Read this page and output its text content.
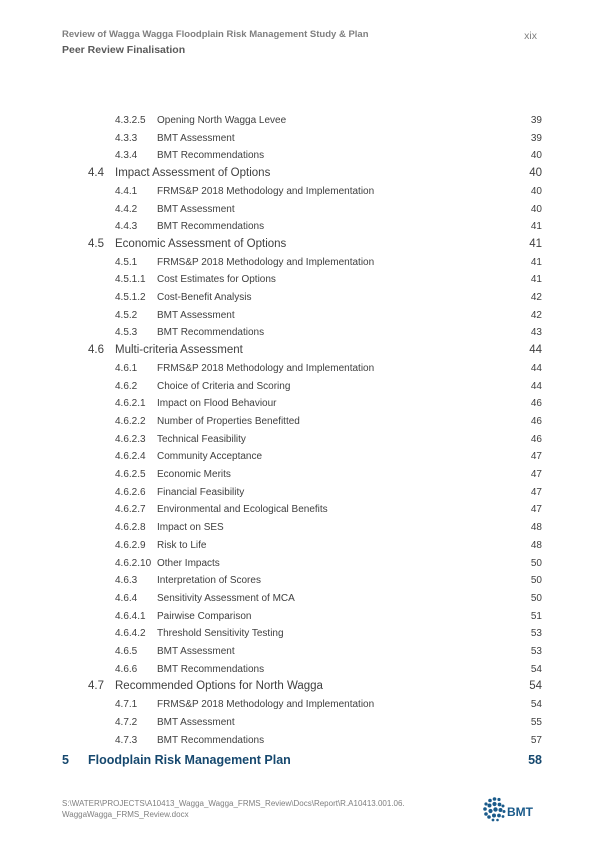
Review of Wagga Wagga Floodplain Risk Management Study & Plan
Peer Review Finalisation
xix
4.3.2.5 Opening North Wagga Levee	39
4.3.3 BMT Assessment	39
4.3.4 BMT Recommendations	40
4.4 Impact Assessment of Options	40
4.4.1 FRMS&P 2018 Methodology and Implementation	40
4.4.2 BMT Assessment	40
4.4.3 BMT Recommendations	41
4.5 Economic Assessment of Options	41
4.5.1 FRMS&P 2018 Methodology and Implementation	41
4.5.1.1 Cost Estimates for Options	41
4.5.1.2 Cost-Benefit Analysis	42
4.5.2 BMT Assessment	42
4.5.3 BMT Recommendations	43
4.6 Multi-criteria Assessment	44
4.6.1 FRMS&P 2018 Methodology and Implementation	44
4.6.2 Choice of Criteria and Scoring	44
4.6.2.1 Impact on Flood Behaviour	46
4.6.2.2 Number of Properties Benefitted	46
4.6.2.3 Technical Feasibility	46
4.6.2.4 Community Acceptance	47
4.6.2.5 Economic Merits	47
4.6.2.6 Financial Feasibility	47
4.6.2.7 Environmental and Ecological Benefits	47
4.6.2.8 Impact on SES	48
4.6.2.9 Risk to Life	48
4.6.2.10 Other Impacts	50
4.6.3 Interpretation of Scores	50
4.6.4 Sensitivity Assessment of MCA	50
4.6.4.1 Pairwise Comparison	51
4.6.4.2 Threshold Sensitivity Testing	53
4.6.5 BMT Assessment	53
4.6.6 BMT Recommendations	54
4.7 Recommended Options for North Wagga	54
4.7.1 FRMS&P 2018 Methodology and Implementation	54
4.7.2 BMT Assessment	55
4.7.3 BMT Recommendations	57
5 Floodplain Risk Management Plan	58
S:\WATER\PROJECTS\A10413_Wagga_Wagga_FRMS_Review\Docs\Report\R.A10413.001.06.
WaggaWagga_FRMS_Review.docx	BMT
